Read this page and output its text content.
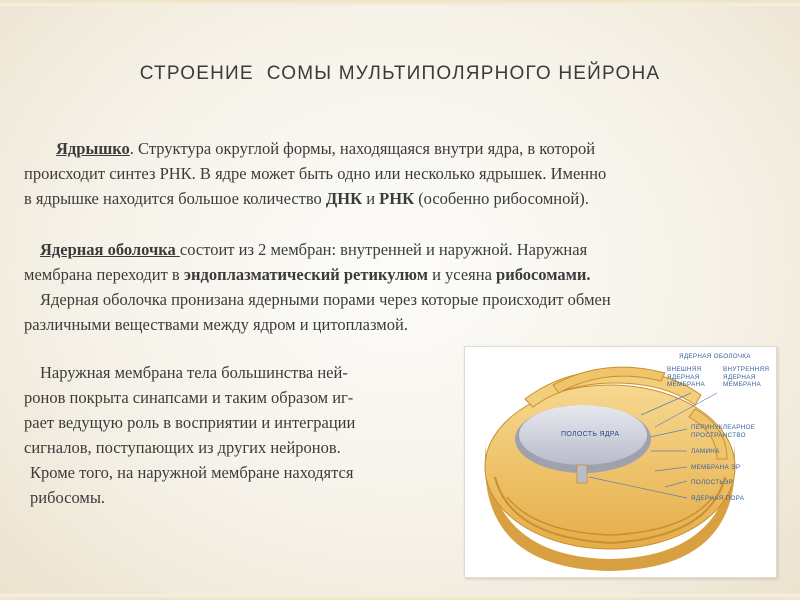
СТРОЕНИЕ  СОМЫ МУЛЬТИПОЛЯРНОГО НЕЙРОНА
Ядрышко. Структура округлой формы, находящаяся внутри ядра, в которой
происходит синтез РНК. В ядре может быть одно или несколько ядрышек. Именно
в ядрышке находится большое количество ДНК и РНК (особенно рибосомной).
Ядерная оболочка состоит из 2 мембран: внутренней и наружной. Наружная
мембрана переходит в эндоплазматический ретикулюм и усеяна рибосомами.
Ядерная оболочка пронизана ядерными порами через которые происходит обмен
различными веществами между ядром и цитоплазмой.
Наружная мембрана тела большинства ней-
ронов покрыта синапсами и таким образом иг-
рает ведущую роль в восприятии и интеграции
сигналов, поступающих из других нейронов.
Кроме того, на наружной мембране находятся
рибосомы.
ПОЛОСТЬ ЯДРА
ЯДЕРНАЯ ОБОЛОЧКА
ВНЕШНЯЯ
ЯДЕРНАЯ
МЕМБРАНА
ВНУТРЕННЯЯ
ЯДЕРНАЯ
МЕМБРАНА
ПЕРИНУКЛЕАРНОЕ
ПРОСТРАНСТВО
ЛАМИНА
МЕМБРАНА ЭР
ПОЛОСТЬЭР
ЯДЕРНАЯ ПОРА
